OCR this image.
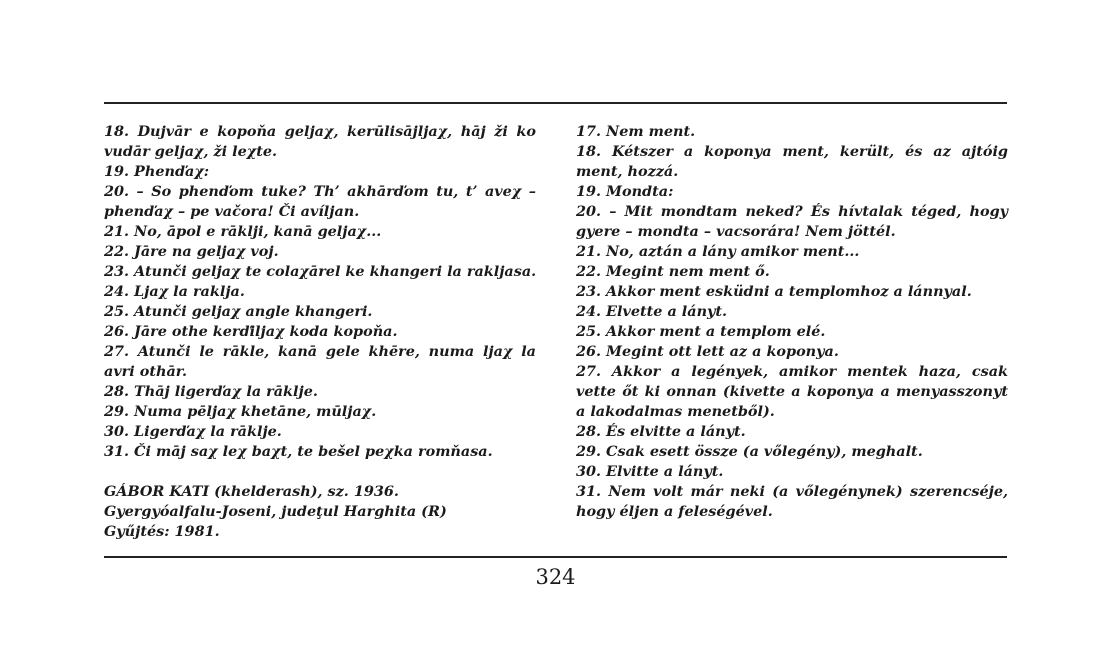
18. Dujvār e kopoňa geljaχ, kerūlisājljaχ, hāj ži ko
vudār geljaχ, ži leχte.
19. Phenďaχ:
20. – So phenďom tuke? Th’ akhārďom tu, t’ aveχ –
phenďaχ – pe vačora! Či avíljan.
21. No, āpol e rāklji, kanā geljaχ...
22. Jāre na geljaχ voj.
23. Atunči geljaχ te colaχārel ke khangeri la rakljasa.
24. Ljaχ la raklja.
25. Atunči geljaχ angle khangeri.
26. Jāre othe kerďiljaχ koda kopoňa.
27. Atunči le rākle, kanā gele khēre, numa ljaχ la
avri othār.
28. Thāj ligerďaχ la rāklje.
29. Numa pēljaχ khetāne, mūljaχ.
30. Ligerďaχ la rāklje.
31. Či māj saχ leχ baχt, te bešel peχka romňasa.
GÁBOR KATI (khelderash), sz. 1936.
Gyergyóalfalu-Joseni, judeţul Harghita (R)
Gyűjtés: 1981.
17. Nem ment.
18. Kétszer a koponya ment, került, és az ajtóig
ment, hozzá.
19. Mondta:
20. – Mit mondtam neked? És hívtalak téged, hogy
gyere – mondta – vacsorára! Nem jöttél.
21. No, aztán a lány amikor ment...
22. Megint nem ment ő.
23. Akkor ment esküdni a templomhoz a lánnyal.
24. Elvette a lányt.
25. Akkor ment a templom elé.
26. Megint ott lett az a koponya.
27. Akkor a legények, amikor mentek haza, csak
vette őt ki onnan (kivette a koponya a menyasszonyt
a lakodalmas menetből).
28. És elvitte a lányt.
29. Csak esett össze (a vőlegény), meghalt.
30. Elvitte a lányt.
31. Nem volt már neki (a vőlegénynek) szerencséje,
hogy éljen a feleségével.
324
